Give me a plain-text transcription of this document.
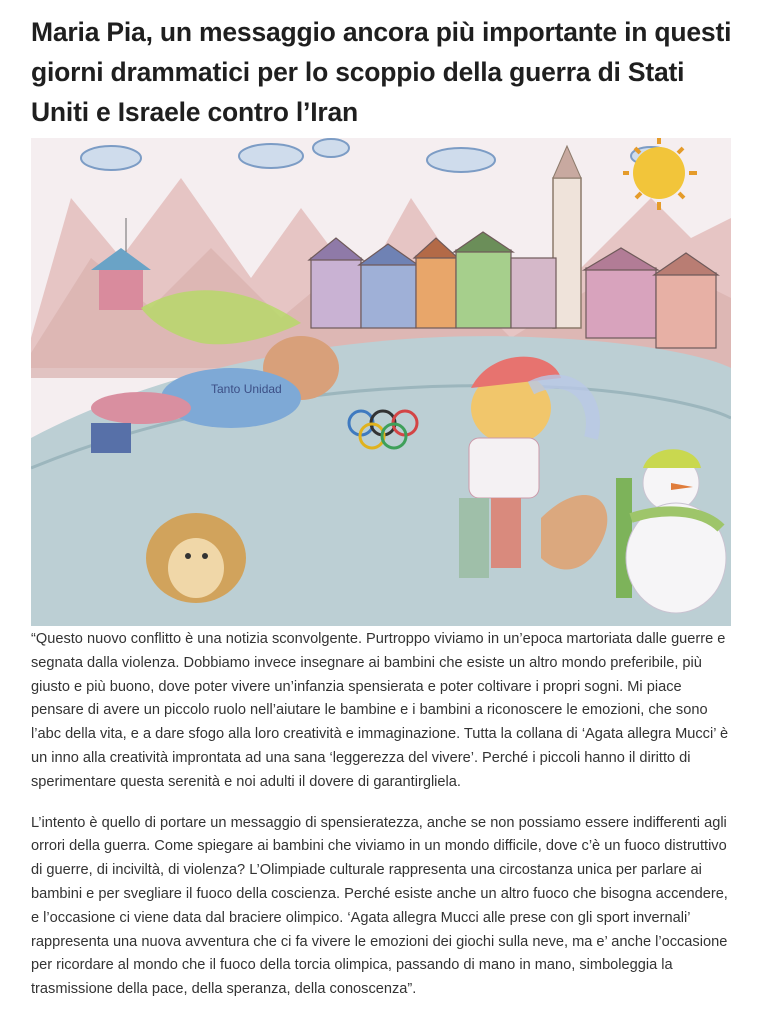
Maria Pia, un messaggio ancora più importante in questi giorni drammatici per lo scoppio della guerra di Stati Uniti e Israele contro l’Iran
Tanto Unidad

“Questo nuovo conflitto è una notizia sconvolgente. Purtroppo viviamo in un’epoca martoriata dalle guerre e segnata dalla violenza. Dobbiamo invece insegnare ai bambini che esiste un altro mondo preferibile, più giusto e più buono, dove poter vivere un’infanzia spensierata e poter coltivare i propri sogni. Mi piace pensare di avere un piccolo ruolo nell’aiutare le bambine e i bambini a riconoscere le emozioni, che sono l’abc della vita, e a dare sfogo alla loro creatività e immaginazione. Tutta la collana di ‘Agata allegra Mucci’ è un inno alla creatività improntata ad una sana ‘leggerezza del vivere’. Perché i piccoli hanno il diritto di sperimentare questa serenità e noi adulti il dovere di garantirgliela.

L’intento è quello di portare un messaggio di spensieratezza, anche se non possiamo essere indifferenti agli orrori della guerra. Come spiegare ai bambini che viviamo in un mondo difficile, dove c’è un fuoco distruttivo di guerre, di inciviltà, di violenza? L’Olimpiade culturale rappresenta una circostanza unica per parlare ai bambini e per svegliare il fuoco della coscienza. Perché esiste anche un altro fuoco che bisogna accendere, e l’occasione ci viene data dal braciere olimpico. ‘Agata allegra Mucci alle prese con gli sport invernali’ rappresenta una nuova avventura che ci fa vivere le emozioni dei giochi sulla neve, ma e’ anche l’occasione per ricordare al mondo che il fuoco della torcia olimpica, passando di mano in mano, simboleggia la trasmissione della pace, della speranza, della conoscenza”.
